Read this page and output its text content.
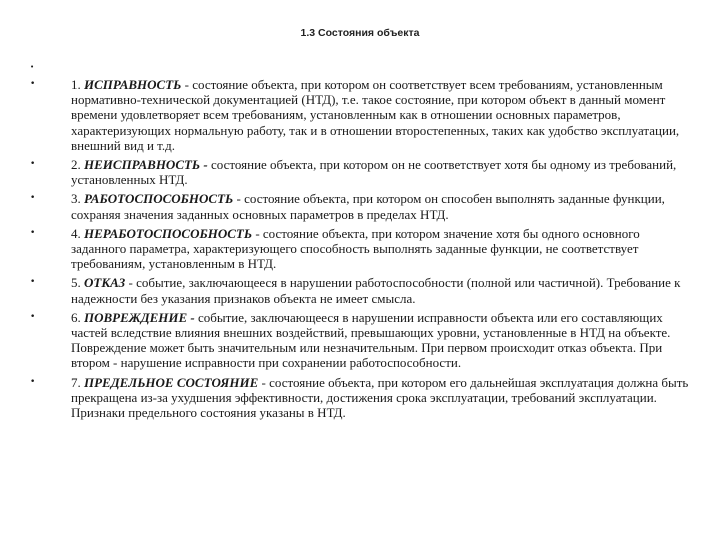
1.3 Состояния объекта
•
•	1. ИСПРАВНОСТЬ - состояние объекта, при котором он соответствует всем требованиям, установленным нормативно-технической документацией (НТД), т.е. такое состояние, при котором объект в данный момент времени удовлетворяет всем требованиям, установленным как в отношении основных параметров, характеризующих нормальную работу, так и в отношении второстепенных, таких как удобство эксплуатации, внешний вид и т.д.
•	2. НЕИСПРАВНОСТЬ - состояние объекта, при котором он не соответствует хотя бы одному из требований, установленных НТД.
•	3. РАБОТОСПОСОБНОСТЬ - состояние объекта, при котором он способен выполнять заданные функции, сохраняя значения заданных основных параметров в пределах НТД.
•	4. НЕРАБОТОСПОСОБНОСТЬ - состояние объекта, при котором значение хотя бы одного основного заданного параметра, характеризующего способность выполнять заданные функции, не соответствует требованиям, установленным в НТД.
•	5. ОТКАЗ - событие, заключающееся в нарушении работоспособности (полной или частичной). Требование к надежности без указания признаков объекта не имеет смысла.
•	6. ПОВРЕЖДЕНИЕ - событие, заключающееся в нарушении исправности объекта или его составляющих частей вследствие влияния внешних воздействий, превышающих уровни, установленные в НТД на объекте. Повреждение может быть значительным или незначительным. При первом происходит отказ объекта. При втором - нарушение исправности при сохранении работоспособности.
•	7. ПРЕДЕЛЬНОЕ СОСТОЯНИЕ - состояние объекта, при котором его дальнейшая эксплуатация должна быть прекращена из-за ухудшения эффективности, достижения срока эксплуатации, требований эксплуатации. Признаки предельного состояния указаны в НТД.
